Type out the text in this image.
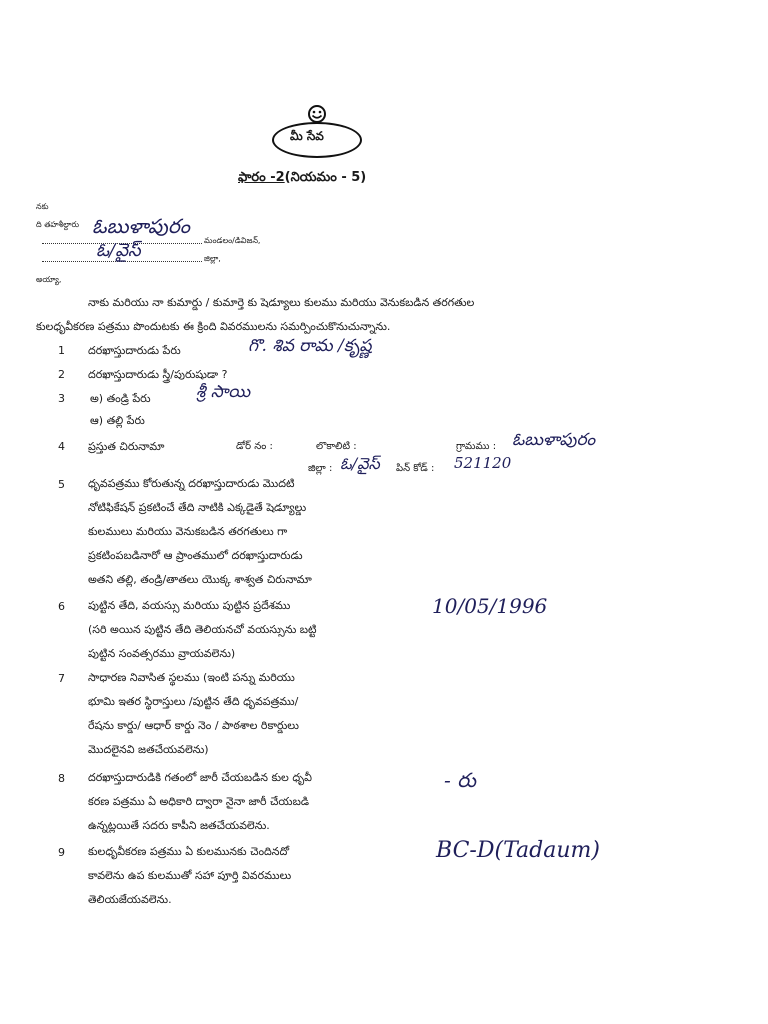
మీ సేవ
ఫారం -2(నియమం - 5)
నకు
ది తహశీల్దారు ఓబుళాపురం
మండలం/డివిజన్,
ఓ/వైస్	జిల్లా,
అయ్యా,
నాకు మరియు నా కుమార్డు / కుమార్తె కు షెడ్యూలు కులము మరియు వెనుకబడిన తరగతుల
కులధృవీకరణ పత్రము పొందుటకు ఈ క్రింది వివరములను సమర్పించుకొనుచున్నాను.
1 దరఖాస్తుదారుడు పేరు	గొ. శివ రామ /కృష్ణ
2 దరఖాస్తుదారుడు స్త్రీ/పురుషుడా ?
3 అ) తండ్రి పేరు	శ్రీ సాయి
ఆ) తల్లి పేరు
4 ప్రస్తుత చిరునామా	డోర్ నం :	లొకాలిటి :	గ్రామము : ఓబుళాపురం
జిల్లా : ఓ/వైస్ పిన్ కోడ్ : 521120
5 ధృవపత్రము కోరుతున్న దరఖాస్తుదారుడు మొదటి
నోటిఫికేషన్ ప్రకటించే తేది నాటికి ఎక్కడైతే షెడ్యూల్డు
కులములు మరియు వెనుకబడిన తరగతులు గా
ప్రకటింపబడినారో ఆ ప్రాంతములో దరఖాస్తుదారుడు
అతని తల్లి, తండ్రి/తాతలు యొక్క శాశ్వత చిరునామా
6 పుట్టిన తేది, వయస్సు మరియు పుట్టిన ప్రదేశము
(సరి అయిన పుట్టిన తేది తెలియనచో వయస్సును బట్టి
పుట్టిన సంవత్సరము వ్రాయవలెను)
10/05/1996
7 సాధారణ నివాసిత స్థలము (ఇంటి పన్ను మరియు
భూమి ఇతర స్థిరాస్తులు /పుట్టిన తేది ధృవపత్రము/
రేషను కార్డు/ ఆధార్ కార్డు నెం / పాఠశాల రికార్డులు
మొదలైనవి జతచేయవలెను)
8 దరఖాస్తుదారుడికి గతంలో జారీ చేయబడిన కుల ధృవీ
కరణ పత్రము ఏ అధికారి ద్వారా నైనా జారీ చేయబడి
ఉన్నట్లయితే సదరు కాపీని జతచేయవలెను.
- రు
9 కులధృవీకరణ పత్రము ఏ కులమునకు చెందినదో
కావలెను ఉప కులముతో సహా పూర్తి వివరములు
తెలియజేయవలెను.
BC-D(Tadaum)
